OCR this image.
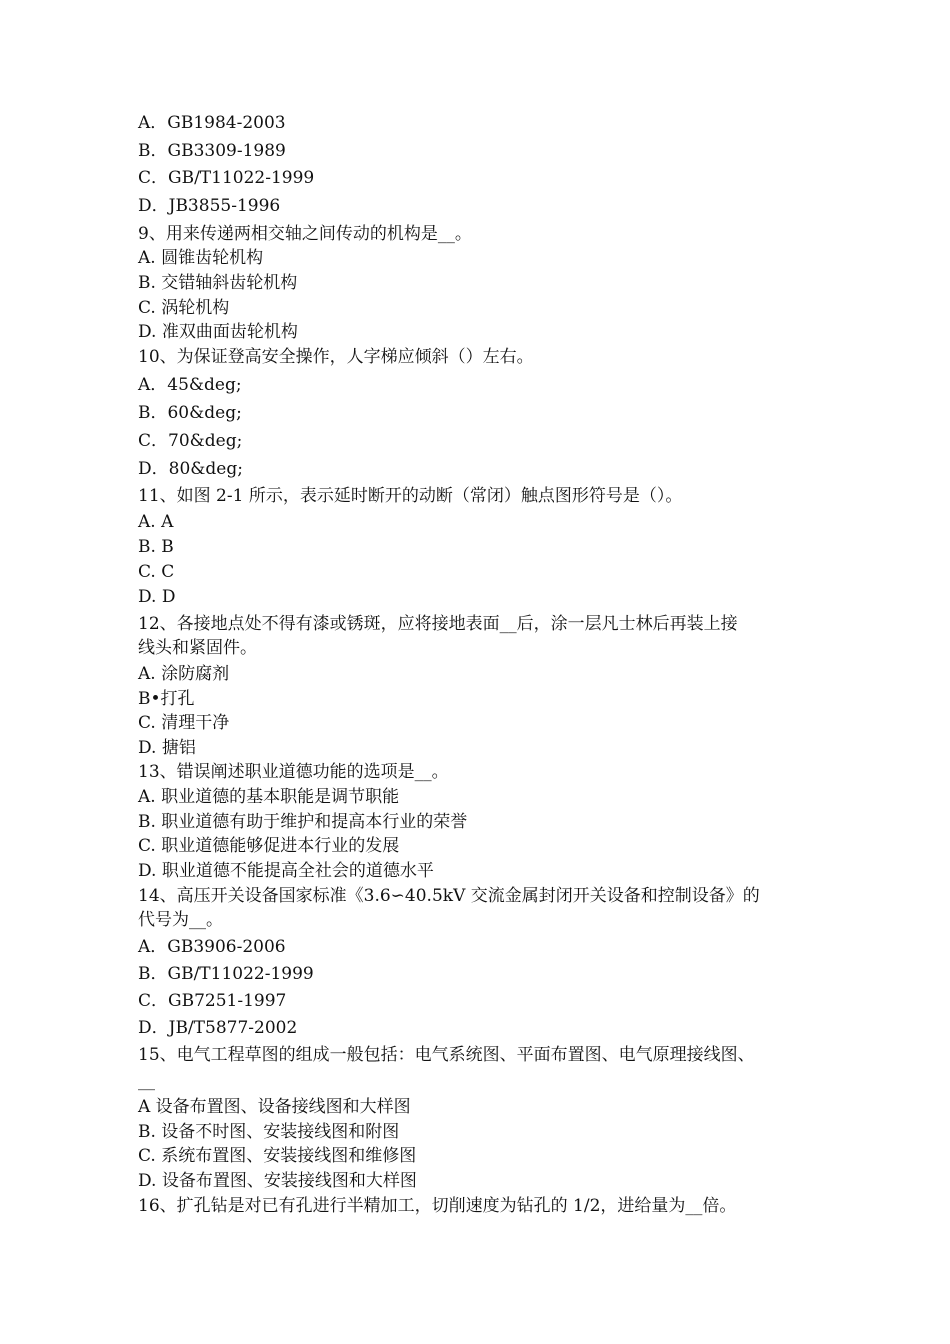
A．GB1984-2003
B．GB3309-1989
C．GB/T11022-1999
D．JB3855-1996
9、用来传递两相交轴之间传动的机构是__。
A. 圆锥齿轮机构
B. 交错轴斜齿轮机构
C. 涡轮机构
D. 准双曲面齿轮机构
10、为保证登高安全操作，人字梯应倾斜（）左右。
A．45&deg;
B．60&deg;
C．70&deg;
D．80&deg;
11、如图 2-1 所示，表示延时断开的动断（常闭）触点图形符号是（）。
A. A
B. B
C. C
D. D
12、各接地点处不得有漆或锈斑，应将接地表面__后，涂一层凡士林后再装上接
线头和紧固件。
A. 涂防腐剂
B•打孔
C. 清理干净
D. 搪铝
13、错误阐述职业道德功能的选项是__。
A. 职业道德的基本职能是调节职能
B. 职业道德有助于维护和提高本行业的荣誉
C. 职业道德能够促进本行业的发展
D. 职业道德不能提高全社会的道德水平
14、高压开关设备国家标准《3.6∽40.5kV 交流金属封闭开关设备和控制设备》的
代号为__。
A．GB3906-2006
B．GB/T11022-1999
C．GB7251-1997
D．JB/T5877-2002
15、电气工程草图的组成一般包括：电气系统图、平面布置图、电气原理接线图、
__
A 设备布置图、设备接线图和大样图
B. 设备不时图、安装接线图和附图
C. 系统布置图、安装接线图和维修图
D. 设备布置图、安装接线图和大样图
16、扩孔钻是对已有孔进行半精加工，切削速度为钻孔的 1/2，进给量为__倍。
